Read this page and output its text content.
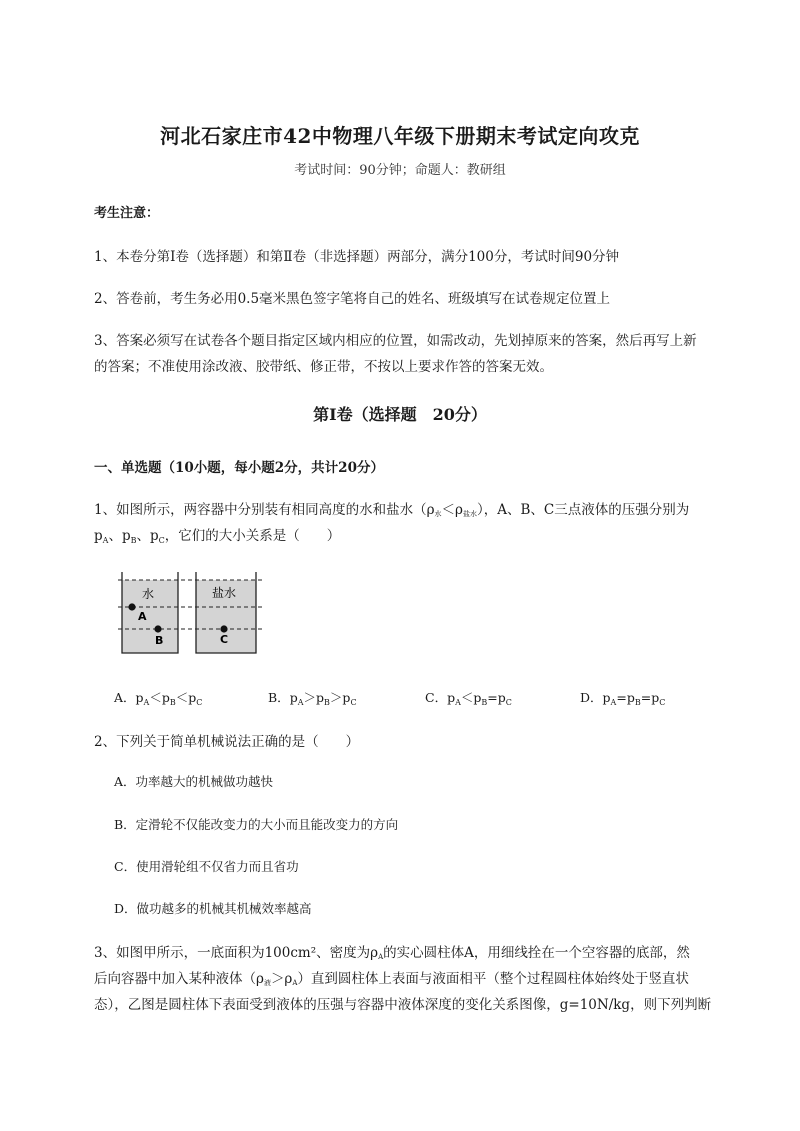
河北石家庄市42中物理八年级下册期末考试定向攻克
考试时间：90分钟；命题人：教研组
考生注意：
1、本卷分第I卷（选择题）和第Ⅱ卷（非选择题）两部分，满分100分，考试时间90分钟
2、答卷前，考生务必用0.5毫米黑色签字笔将自己的姓名、班级填写在试卷规定位置上
3、答案必须写在试卷各个题目指定区域内相应的位置，如需改动，先划掉原来的答案，然后再写上新
的答案；不准使用涂改液、胶带纸、修正带，不按以上要求作答的答案无效。
第I卷（选择题　20分）
一、单选题（10小题，每小题2分，共计20分）
1、如图所示，两容器中分别装有相同高度的水和盐水（ρ水＜ρ盐水），A、B、C三点液体的压强分别为
$p_A$、$p_B$、$p_C$，它们的大小关系是（　　）
水	盐水
A
B	C
A．$p_A<p_B<p_C$	B．$p_A>p_B>p_C$	C．$p_A<p_B=p_C$	D．$p_A=p_B=p_C$
2、下列关于简单机械说法正确的是（　　）
A．功率越大的机械做功越快
B．定滑轮不仅能改变力的大小而且能改变力的方向
C．使用滑轮组不仅省力而且省功
D．做功越多的机械其机械效率越高
3、如图甲所示，一底面积为100cm²、密度为ρA的实心圆柱体A，用细线拴在一个空容器的底部，然
后向容器中加入某种液体（ρ液＞ρA）直到圆柱体上表面与液面相平（整个过程圆柱体始终处于竖直状
态），乙图是圆柱体下表面受到液体的压强与容器中液体深度的变化关系图像，g=10N/kg，则下列判断
